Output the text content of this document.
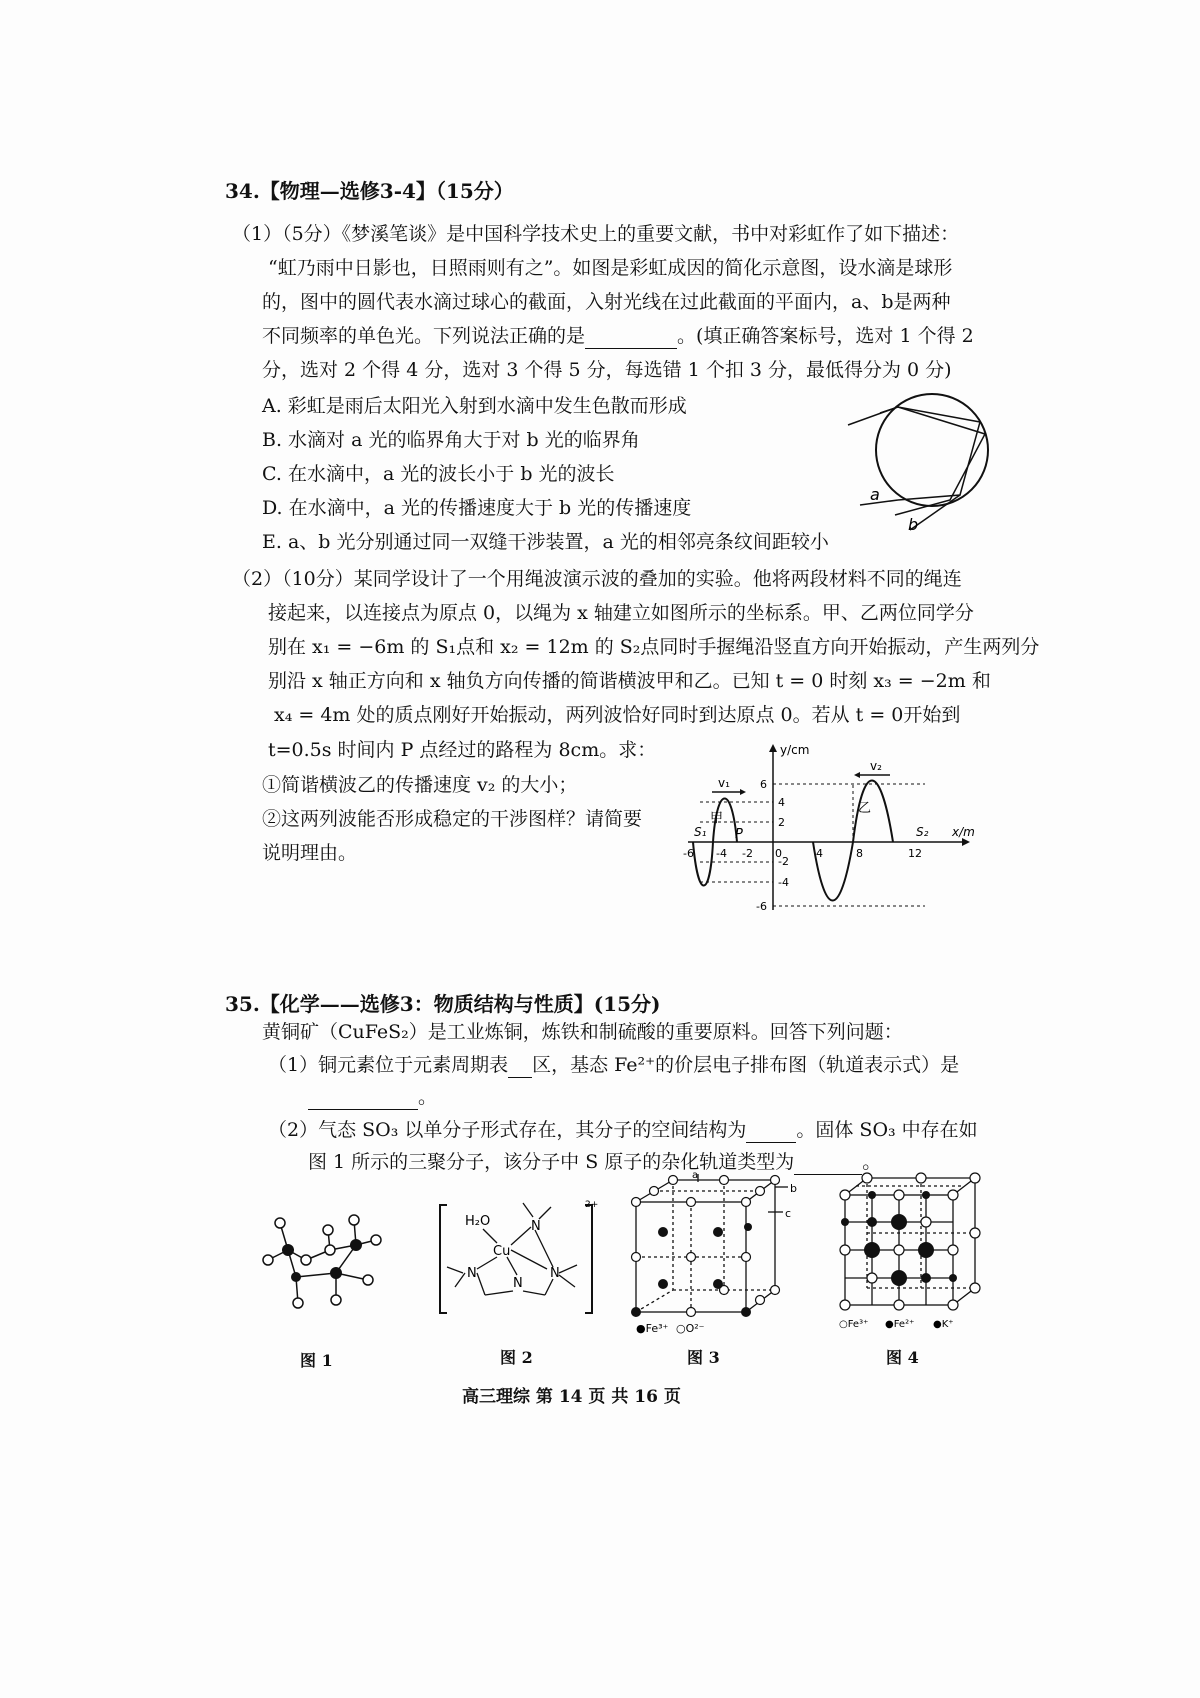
34.【物理—选修3-4】（15分）
（1）（5分）《梦溪笔谈》是中国科学技术史上的重要文献，书中对彩虹作了如下描述：
“虹乃雨中日影也，日照雨则有之”。如图是彩虹成因的简化示意图，设水滴是球形
的，图中的圆代表水滴过球心的截面，入射光线在过此截面的平面内，a、b是两种
不同频率的单色光。下列说法正确的是	。(填正确答案标号，选对 1 个得 2
分，选对 2 个得 4 分，选对 3 个得 5 分，每选错 1 个扣 3 分，最低得分为 0 分)
A. 彩虹是雨后太阳光入射到水滴中发生色散而形成
B. 水滴对 a 光的临界角大于对 b 光的临界角
C. 在水滴中，a 光的波长小于 b 光的波长
D. 在水滴中，a 光的传播速度大于 b 光的传播速度
E. a、b 光分别通过同一双缝干涉装置，a 光的相邻亮条纹间距较小
a
b
（2）（10分）某同学设计了一个用绳波演示波的叠加的实验。他将两段材料不同的绳连
接起来，以连接点为原点 0，以绳为 x 轴建立如图所示的坐标系。甲、乙两位同学分
别在 x₁ = −6m 的 S₁点和 x₂ = 12m 的 S₂点同时手握绳沿竖直方向开始振动，产生两列分
别沿 x 轴正方向和 x 轴负方向传播的简谐横波甲和乙。已知 t = 0 时刻 x₃ = −2m 和
x₄ = 4m 处的质点刚好开始振动，两列波恰好同时到达原点 0。若从 t = 0开始到
t=0.5s 时间内 P 点经过的路程为 8cm。求：
①简谐横波乙的传播速度 v₂ 的大小；
②这两列波能否形成稳定的干涉图样？请简要
说明理由。
y/cm
x/m
v₁
v₂
甲
乙
S₁	S₂
P
-6 -4 -2 0	4	8	12
6
4
2
-2
-4
-6
35.【化学——选修3：物质结构与性质】(15分)
黄铜矿（CuFeS₂）是工业炼铜，炼铁和制硫酸的重要原料。回答下列问题：
（1）铜元素位于元素周期表 区，基态 Fe²⁺的价层电子排布图（轨道表示式）是
。
（2）气态 SO₃ 以单分子形式存在，其分子的空间结构为	。固体 SO₃ 中存在如
图 1 所示的三聚分子，该分子中 S 原子的杂化轨道类型为	。
图 1
2+
H₂O
Cu
N
N
N
N
图 2
a
b
c
●Fe³⁺ ○O²⁻
图 3
○Fe³⁺ ●Fe²⁺ ●K⁺
图 4
高三理综 第 14 页 共 16 页
